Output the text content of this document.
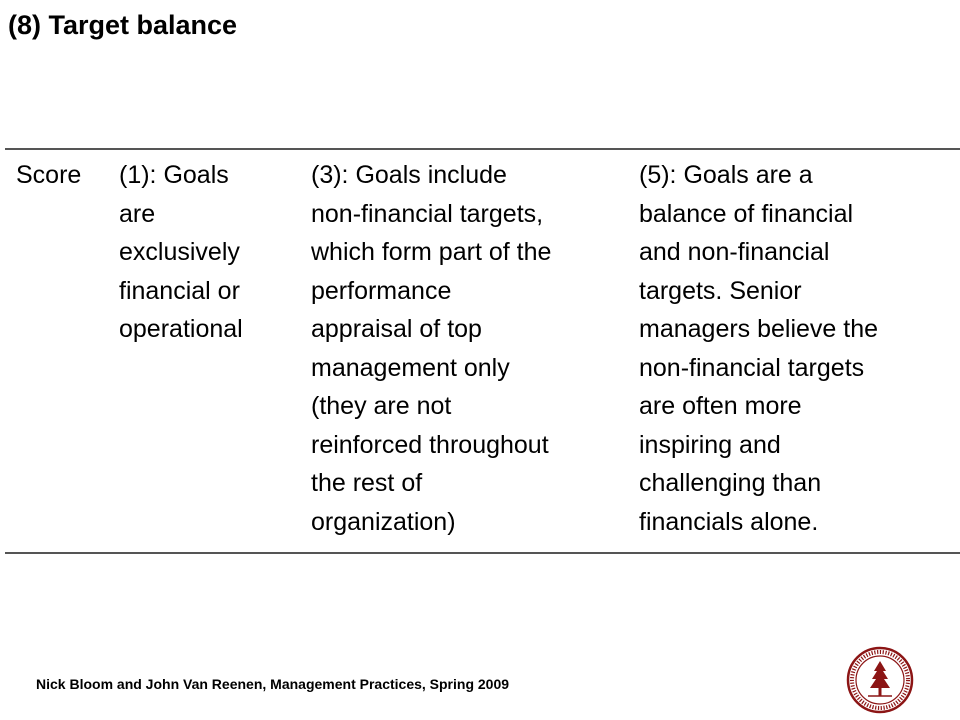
(8) Target balance
Score (1): Goals
are
exclusively
financial or
operational
(3): Goals include
non-financial targets,
which form part of the
performance
appraisal of top
management only
(they are not
reinforced throughout
the rest of
organization)
(5): Goals are a
balance of financial
and non-financial
targets. Senior
managers believe the
non-financial targets
are often more
inspiring and
challenging than
financials alone.
Nick Bloom and John Van Reenen, Management Practices, Spring 2009
